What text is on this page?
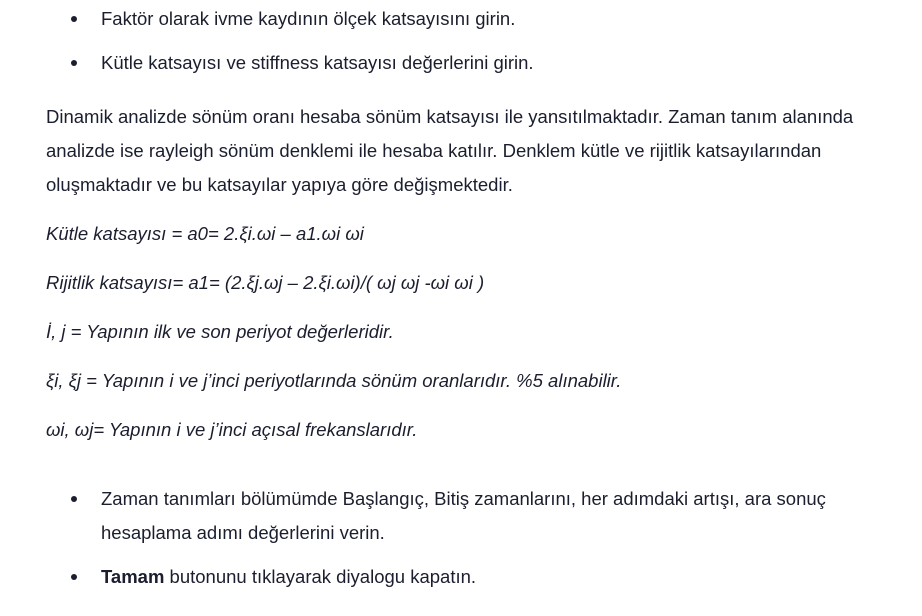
Faktör olarak ivme kaydının ölçek katsayısını girin.
Kütle katsayısı ve stiffness katsayısı değerlerini girin.

Dinamik analizde sönüm oranı hesaba sönüm katsayısı ile yansıtılmaktadır. Zaman tanım alanında analizde ise rayleigh sönüm denklemi ile hesaba katılır. Denklem kütle ve rijitlik katsayılarından oluşmaktadır ve bu katsayılar yapıya göre değişmektedir.

Kütle katsayısı = a0= 2.ξi.ωi – a1.ωi ωi

Rijitlik katsayısı= a1= (2.ξj.ωj – 2.ξi.ωi)/( ωj ωj -ωi ωi )

İ, j = Yapının ilk ve son periyot değerleridir.

ξi, ξj = Yapının i ve j’inci periyotlarında sönüm oranlarıdır. %5 alınabilir.

ωi, ωj= Yapının i ve j’inci açısal frekanslarıdır.

Zaman tanımları bölümümde Başlangıç, Bitiş zamanlarını, her adımdaki artışı, ara sonuç hesaplama adımı değerlerini verin.
Tamam butonunu tıklayarak diyalogu kapatın.
